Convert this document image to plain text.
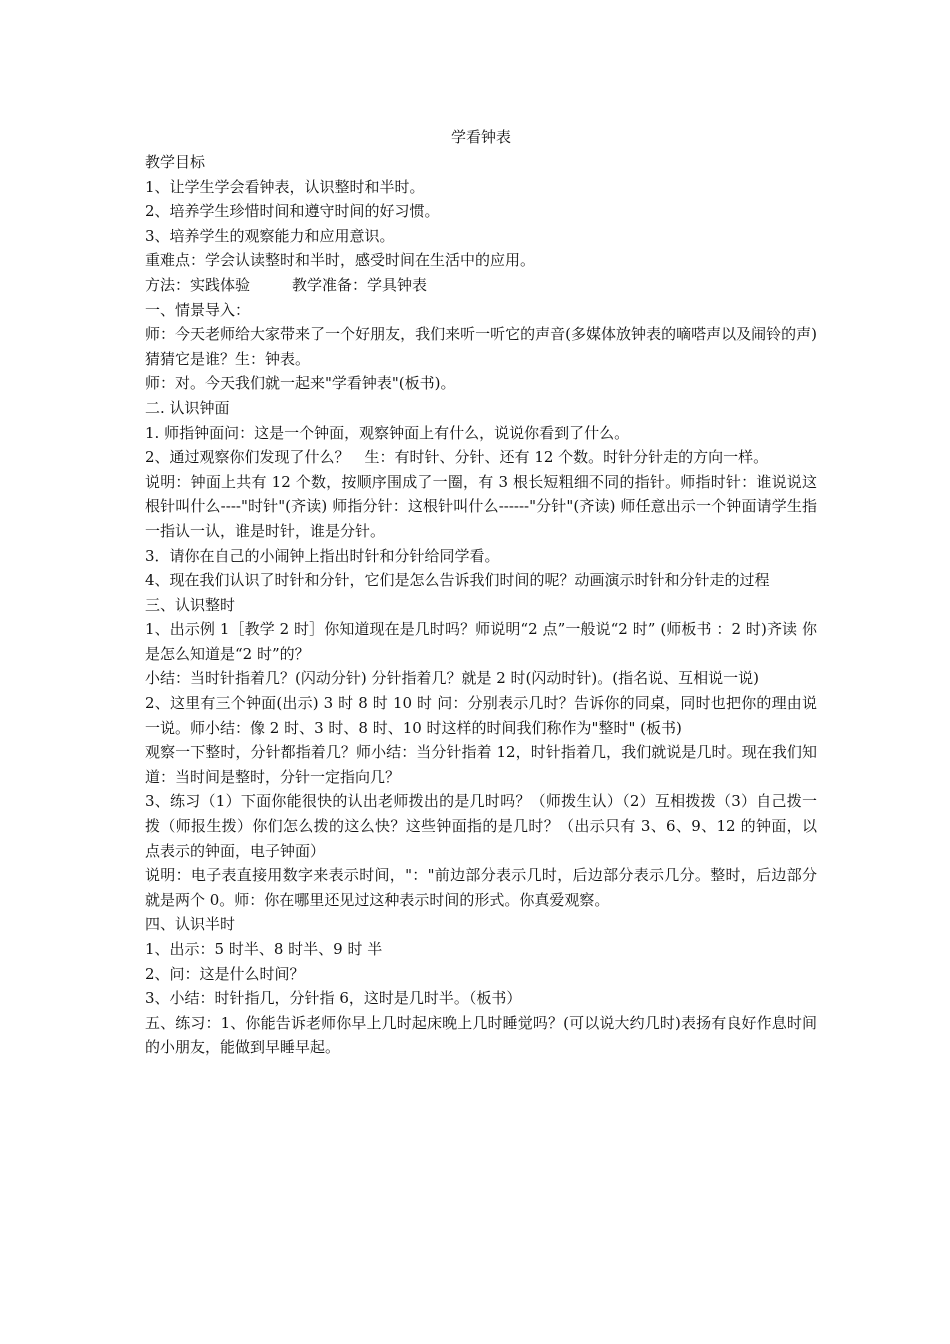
学看钟表

教学目标

1、让学生学会看钟表，认识整时和半时。

2、培养学生珍惜时间和遵守时间的好习惯。

3、培养学生的观察能力和应用意识。

重难点：学会认读整时和半时，感受时间在生活中的应用。

方法：实践体验	教学准备：学具钟表

一、情景导入：

师：今天老师给大家带来了一个好朋友，我们来听一听它的声音(多媒体放钟表的嘀嗒声以及闹铃的声) 猜猜它是谁？生：钟表。

师：对。今天我们就一起来"学看钟表"(板书)。

二. 认识钟面

1. 师指钟面问：这是一个钟面，观察钟面上有什么，说说你看到了什么。

2、通过观察你们发现了什么？　生：有时针、分针、还有 12 个数。时针分针走的方向一样。

说明：钟面上共有 12 个数，按顺序围成了一圈，有 3 根长短粗细不同的指针。师指时针：谁说说这根针叫什么----"时针"(齐读) 师指分针：这根针叫什么------"分针"(齐读) 师任意出示一个钟面请学生指一指认一认，谁是时针，谁是分针。

3．请你在自己的小闹钟上指出时针和分针给同学看。

4、现在我们认识了时针和分针，它们是怎么告诉我们时间的呢？动画演示时针和分针走的过程

三、认识整时

1、出示例 1［教学 2 时］你知道现在是几时吗？师说明“2 点”一般说“2 时” (师板书 ：2 时)齐读 你是怎么知道是“2 时”的？

小结：当时针指着几？(闪动分针) 分针指着几？就是 2 时(闪动时针)。(指名说、互相说一说)

2、这里有三个钟面(出示) 3 时 8 时 10 时 问：分别表示几时？告诉你的同桌，同时也把你的理由说一说。师小结：像 2 时、3 时、8 时、10 时这样的时间我们称作为"整时" (板书)

观察一下整时，分针都指着几？师小结：当分针指着 12，时针指着几，我们就说是几时。现在我们知道：当时间是整时，分针一定指向几？

3、练习（1）下面你能很快的认出老师拨出的是几时吗？（师拨生认）（2）互相拨拨（3）自己拨一拨（师报生拨）你们怎么拨的这么快？这些钟面指的是几时？（出示只有 3、6、9、12 的钟面，以点表示的钟面，电子钟面）

说明：电子表直接用数字来表示时间，"："前边部分表示几时，后边部分表示几分。整时，后边部分就是两个 0。师：你在哪里还见过这种表示时间的形式。你真爱观察。

四、认识半时

1、出示：5 时半、8 时半、9 时 半

2、问：这是什么时间？

3、小结：时针指几，分针指 6，这时是几时半。（板书）

五、练习：1、你能告诉老师你早上几时起床晚上几时睡觉吗？(可以说大约几时)表扬有良好作息时间的小朋友，能做到早睡早起。
